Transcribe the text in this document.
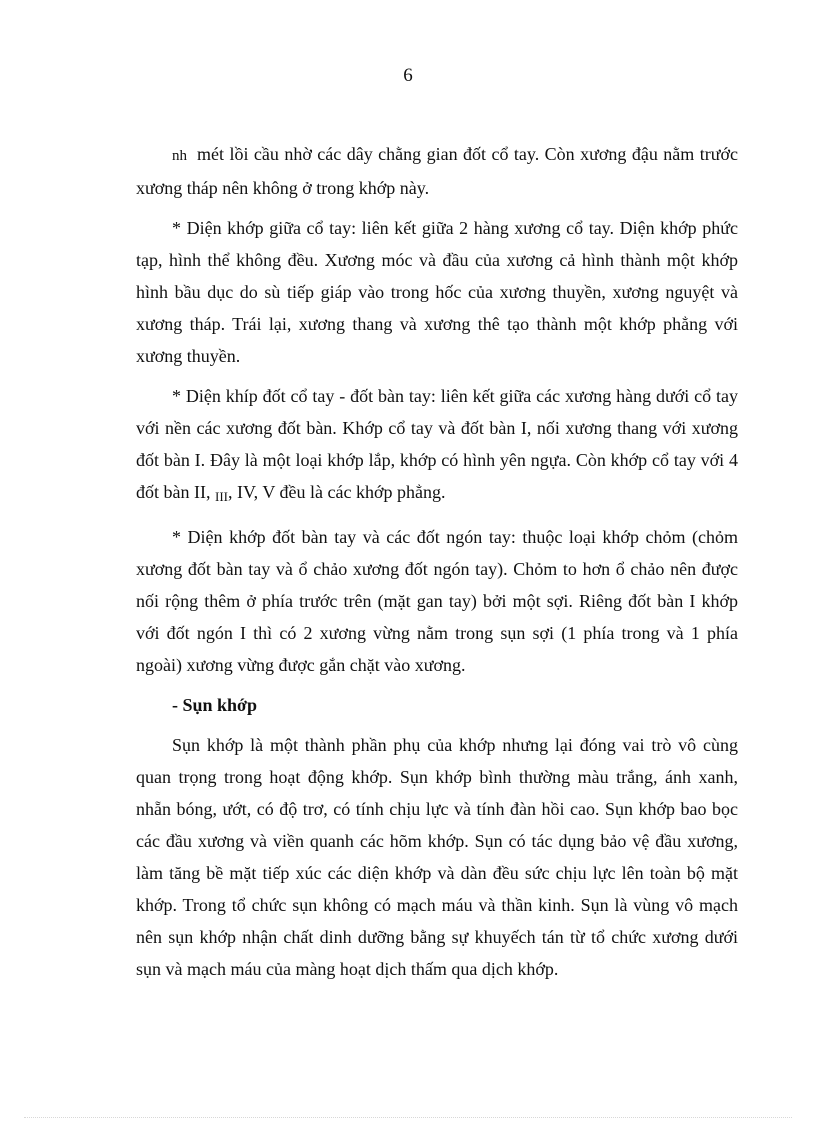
6

nh mét lồi cầu nhờ các dây chằng gian đốt cổ tay. Còn xương đậu nằm trước xương tháp nên không ở trong khớp này.

* Diện khớp giữa cổ tay: liên kết giữa 2 hàng xương cổ tay. Diện khớp phức tạp, hình thể không đều. Xương móc và đầu của xương cả hình thành một khớp hình bầu dục do sù tiếp giáp vào trong hốc của xương thuyền, xương nguyệt và xương tháp. Trái lại, xương thang và xương thê tạo thành một khớp phẳng với xương thuyền.

* Diện khíp đốt cổ tay - đốt bàn tay: liên kết giữa các xương hàng dưới cổ tay với nền các xương đốt bàn. Khớp cổ tay và đốt bàn I, nối xương thang với xương đốt bàn I. Đây là một loại khớp lắp, khớp có hình yên ngựa. Còn khớp cổ tay với 4 đốt bàn II, $_{III}$, IV, V đều là các khớp phẳng.

* Diện khớp đốt bàn tay và các đốt ngón tay: thuộc loại khớp chỏm (chỏm xương đốt bàn tay và ổ chảo xương đốt ngón tay). Chỏm to hơn ổ chảo nên được nối rộng thêm ở phía trước trên (mặt gan tay) bởi một sợi. Riêng đốt bàn I khớp với đốt ngón I thì có 2 xương vừng nằm trong sụn sợi (1 phía trong và 1 phía ngoài) xương vừng được gắn chặt vào xương.

- Sụn khớp

Sụn khớp là một thành phần phụ của khớp nhưng lại đóng vai trò vô cùng quan trọng trong hoạt động khớp. Sụn khớp bình thường màu trắng, ánh xanh, nhẵn bóng, ướt, có độ trơ, có tính chịu lực và tính đàn hồi cao. Sụn khớp bao bọc các đầu xương và viền quanh các hõm khớp. Sụn có tác dụng bảo vệ đầu xương, làm tăng bề mặt tiếp xúc các diện khớp và dàn đều sức chịu lực lên toàn bộ mặt khớp. Trong tổ chức sụn không có mạch máu và thần kinh. Sụn là vùng vô mạch nên sụn khớp nhận chất dinh dưỡng bằng sự khuyếch tán từ tổ chức xương dưới sụn và mạch máu của màng hoạt dịch thấm qua dịch khớp.
